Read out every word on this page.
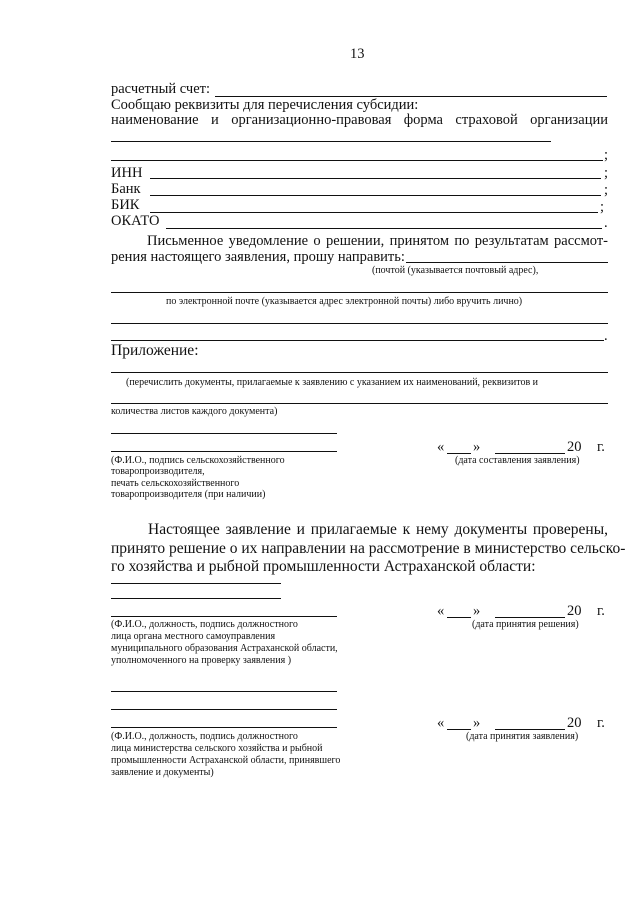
13
расчетный счет:
Сообщаю реквизиты для перечисления субсидии:
наименование и организационно-правовая форма страховой организации
;
ИНН	;
Банк	;
БИК	;
ОКАТО	.
Письменное уведомление о решении, принятом по результатам рассмот-
рения настоящего заявления, прошу направить:
(почтой (указывается почтовый адрес),
по электронной почте (указывается адрес электронной почты) либо вручить лично)
.
Приложение:
(перечислить документы, прилагаемые к заявлению с указанием их наименований, реквизитов и
количества листов каждого документа)
(Ф.И.О., подпись сельскохозяйственного
товаропроизводителя,
печать сельскохозяйственного
товаропроизводителя (при наличии)
« »	20 г.
(дата составления заявления)
Настоящее заявление и прилагаемые к нему документы проверены,
принято решение о их направлении на рассмотрение в министерство сельско-
го хозяйства и рыбной промышленности Астраханской области:
(Ф.И.О., должность, подпись должностного
лица органа местного самоуправления
муниципального образования Астраханской области,
уполномоченного на проверку заявления )
« »	20 г.
(дата принятия решения)
(Ф.И.О., должность, подпись должностного
лица министерства сельского хозяйства и рыбной
промышленности Астраханской области, принявшего
заявление и документы)
« »	20 г.
(дата принятия заявления)
